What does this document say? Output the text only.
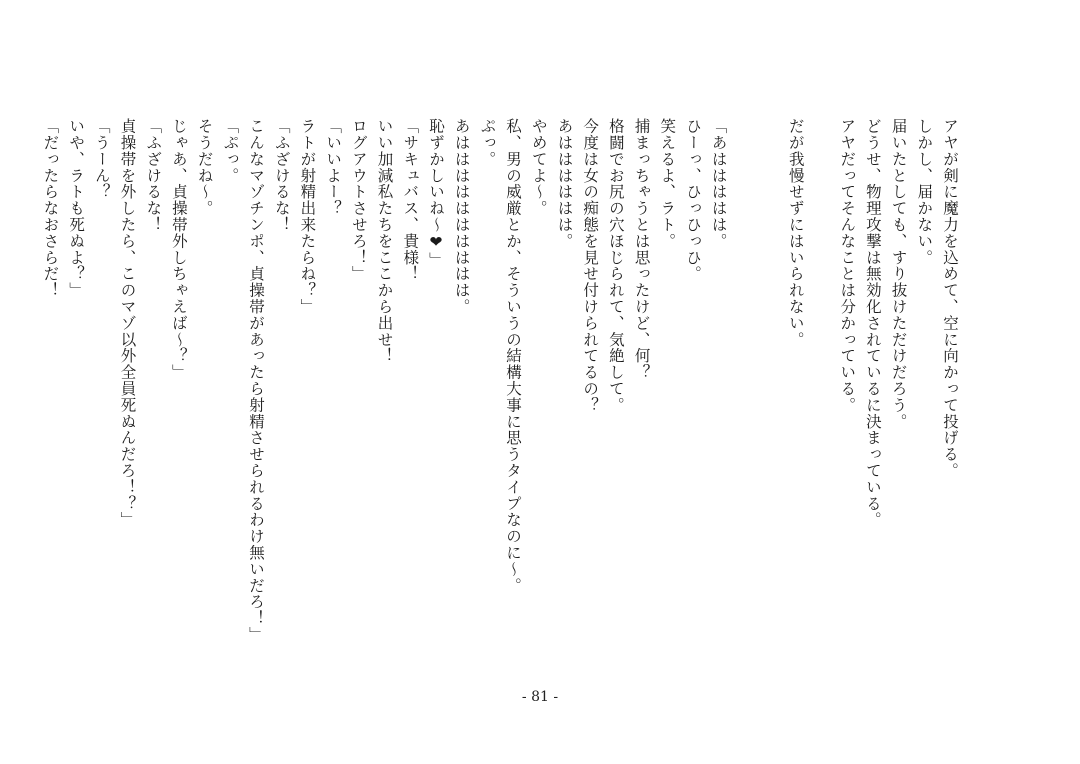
アヤが剣に魔力を込めて、空に向かって投げる。
しかし、届かない。
届いたとしても、すり抜けただけだろう。
どうせ、物理攻撃は無効化されているに決まっている。
アヤだってそんなことは分かっている。

だが我慢せずにはいられない。

「あははははは。
ひーっ、ひっひっひ。
笑えるよ、ラト。
捕まっちゃうとは思ったけど、何？
格闘でお尻の穴ほじられて、気絶して。
今度は女の痴態を見せ付けられてるの？
あはははははは。
やめてよ～。
私、男の威厳とか、そういうの結構大事に思うタイプなのに～。
ぷっ。
あはははははははははは。
恥ずかしいね～❤」
「サキュバス、貴様！
いい加減私たちをここから出せ！
ログアウトさせろ！」
「いいよー？
ラトが射精出来たらね？」
「ふざけるな！
こんなマゾチンポ、貞操帯があったら射精させられるわけ無いだろ！」
「ぷっ。
そうだね～。
じゃあ、貞操帯外しちゃえば～？」
「ふざけるな！
貞操帯を外したら、このマゾ以外全員死ぬんだろ！？」
「うーん？
いや、ラトも死ぬよ？」
「だったらなおさらだ！
- 81 -
